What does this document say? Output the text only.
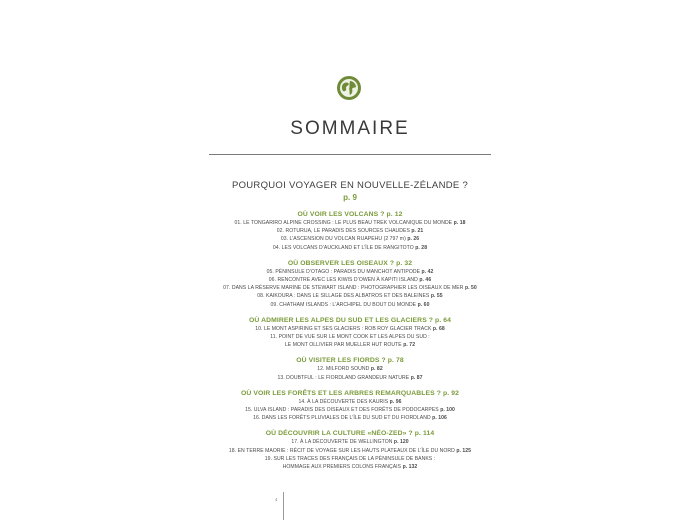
SOMMAIRE
POURQUOI VOYAGER EN NOUVELLE-ZÉLANDE ?
p. 9
OÙ VOIR LES VOLCANS ? p. 12
01. LE TONGARIRO ALPINE CROSSING : LE PLUS BEAU TREK VOLCANIQUE DU MONDE p. 18
02. ROTURUA, LE PARADIS DES SOURCES CHAUDES p. 21
03. L’ASCENSION DU VOLCAN RUAPEHU (2 797 m) p. 26
04. LES VOLCANS D’AUCKLAND ET L’ÎLE DE RANGITOTO p. 28
OÙ OBSERVER LES OISEAUX ? p. 32
05. PÉNINSULE D’OTAGO : PARADIS DU MANCHOT ANTIPODE p. 42
06. RENCONTRE AVEC LES KIWIS D’OWEN À KAPITI ISLAND p. 46
07. DANS LA RÉSERVE MARINE DE STEWART ISLAND : PHOTOGRAPHIER LES OISEAUX DE MER p. 50
08. KAIKOURA : DANS LE SILLAGE DES ALBATROS ET DES BALEINES p. 55
09. CHATHAM ISLANDS : L’ARCHIPEL DU BOUT DU MONDE p. 60
OÙ ADMIRER LES ALPES DU SUD ET LES GLACIERS ? p. 64
10. LE MONT ASPIRING ET SES GLACIERS : ROB ROY GLACIER TRACK p. 68
11. POINT DE VUE SUR LE MONT COOK ET LES ALPES DU SUD :
LE MONT OLLIVIER PAR MUELLER HUT ROUTE p. 72
OÙ VISITER LES FIORDS ? p. 78
12. MILFORD SOUND p. 82
13. DOUBTFUL : LE FIORDLAND GRANDEUR NATURE p. 87
OÙ VOIR LES FORÊTS ET LES ARBRES REMARQUABLES ? p. 92
14. À LA DÉCOUVERTE DES KAURIS p. 96
15. ULVA ISLAND : PARADIS DES OISEAUX ET DES FORÊTS DE PODOCARPES p. 100
16. DANS LES FORÊTS PLUVIALES DE L’ÎLE DU SUD ET DU FIORDLAND p. 106
OÙ DÉCOUVRIR LA CULTURE «NÉO-ZED» ? p. 114
17. À LA DÉCOUVERTE DE WELLINGTON p. 120
18. EN TERRE MAORIE : RÉCIT DE VOYAGE SUR LES HAUTS PLATEAUX DE L’ÎLE DU NORD p. 125
19. SUR LES TRACES DES FRANÇAIS DE LA PÉNINSULE DE BANKS :
HOMMAGE AUX PREMIERS COLONS FRANÇAIS p. 132
4
